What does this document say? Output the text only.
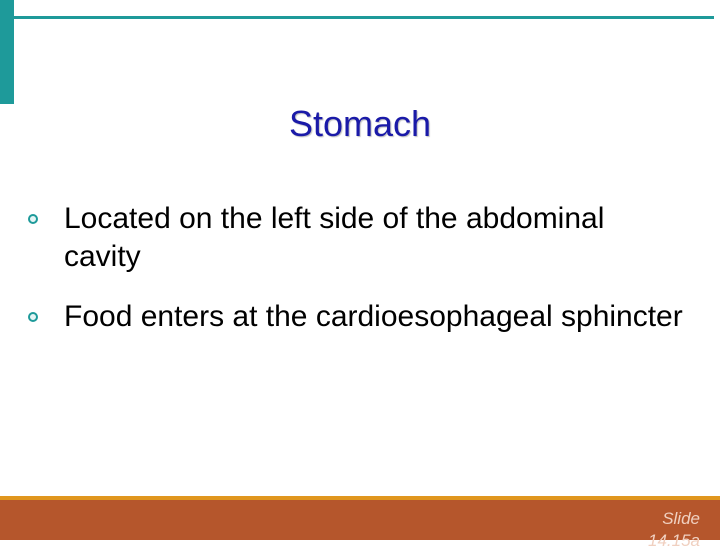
Stomach
Located on the left side of the abdominal cavity
Food enters at the cardioesophageal sphincter
Slide 14.15a
